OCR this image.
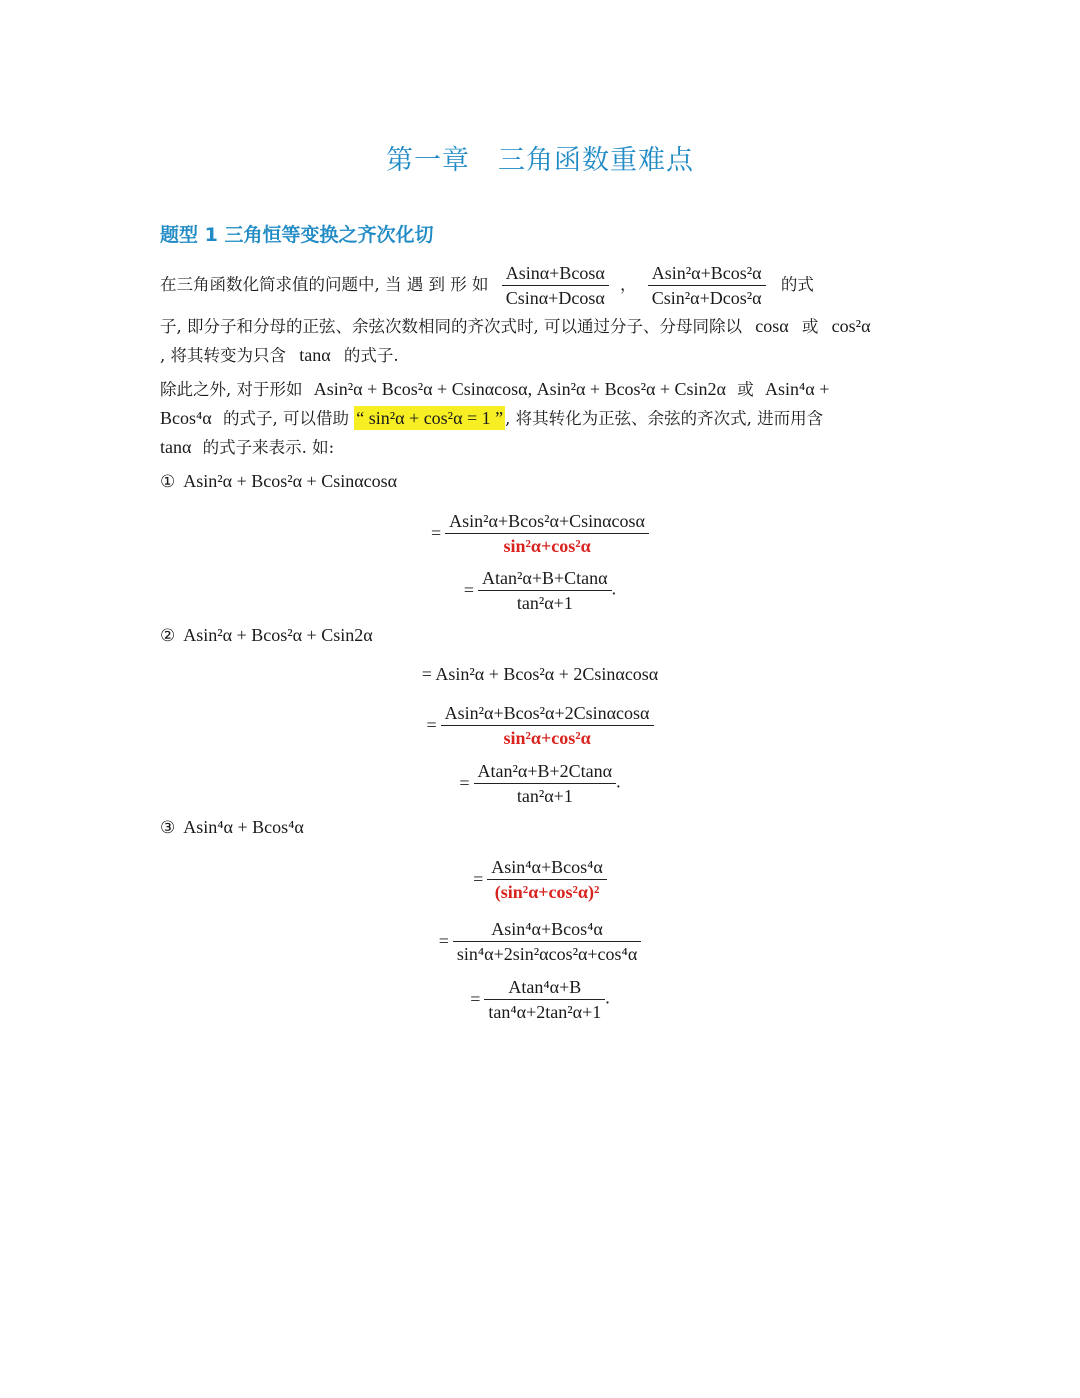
第一章　三角函数重难点
题型 1 三角恒等变换之齐次化切
在三角函数化简求值的问题中, 当 遇 到 形 如 $\frac{Asin\alpha+Bcos\alpha}{Csin\alpha+Dcos\alpha}$ ， $\frac{\text{Asin²α+Bcos²α}}{\text{Csin²α+Dcos²α}}$ 的式
子, 即分子和分母的正弦、余弦次数相同的齐次式时, 可以通过分子、分母同除以 cosα 或 cos²α
, 将其转变为只含 tanα 的式子.
除此之外, 对于形如 Asin²α + Bcos²α + Csinαcosα, Asin²α + Bcos²α + Csin2α 或 Asin⁴α +
Bcos⁴α 的式子, 可以借助 “ sin²α + cos²α = 1 ” , 将其转化为正弦、余弦的齐次式, 进而用含
tanα 的式子来表示. 如:
① Asin²α + Bcos²α + Csinαcosα
= $\frac{\text{Asin²α+Bcos²α+Csinαcosα}}{\text{sin²α+cos²α}}$
= $\frac{\text{Atan²α+B+Ctanα}}{\text{tan²α+1}}$ .
② Asin²α + Bcos²α + Csin2α
= Asin²α + Bcos²α + 2Csinαcosα
= $\frac{\text{Asin²α+Bcos²α+2Csinαcosα}}{\text{sin²α+cos²α}}$
= $\frac{\text{Atan²α+B+2Ctanα}}{\text{tan²α+1}}$ .
③ Asin⁴α + Bcos⁴α
= $\frac{\text{Asin⁴α+Bcos⁴α}}{\text{(sin²α+cos²α)²}}$
= $\frac{\text{Asin⁴α+Bcos⁴α}}{\text{sin⁴α+2sin²αcos²α+cos⁴α}}$
= $\frac{\text{Atan⁴α+B}}{\text{tan⁴α+2tan²α+1}}$ .
